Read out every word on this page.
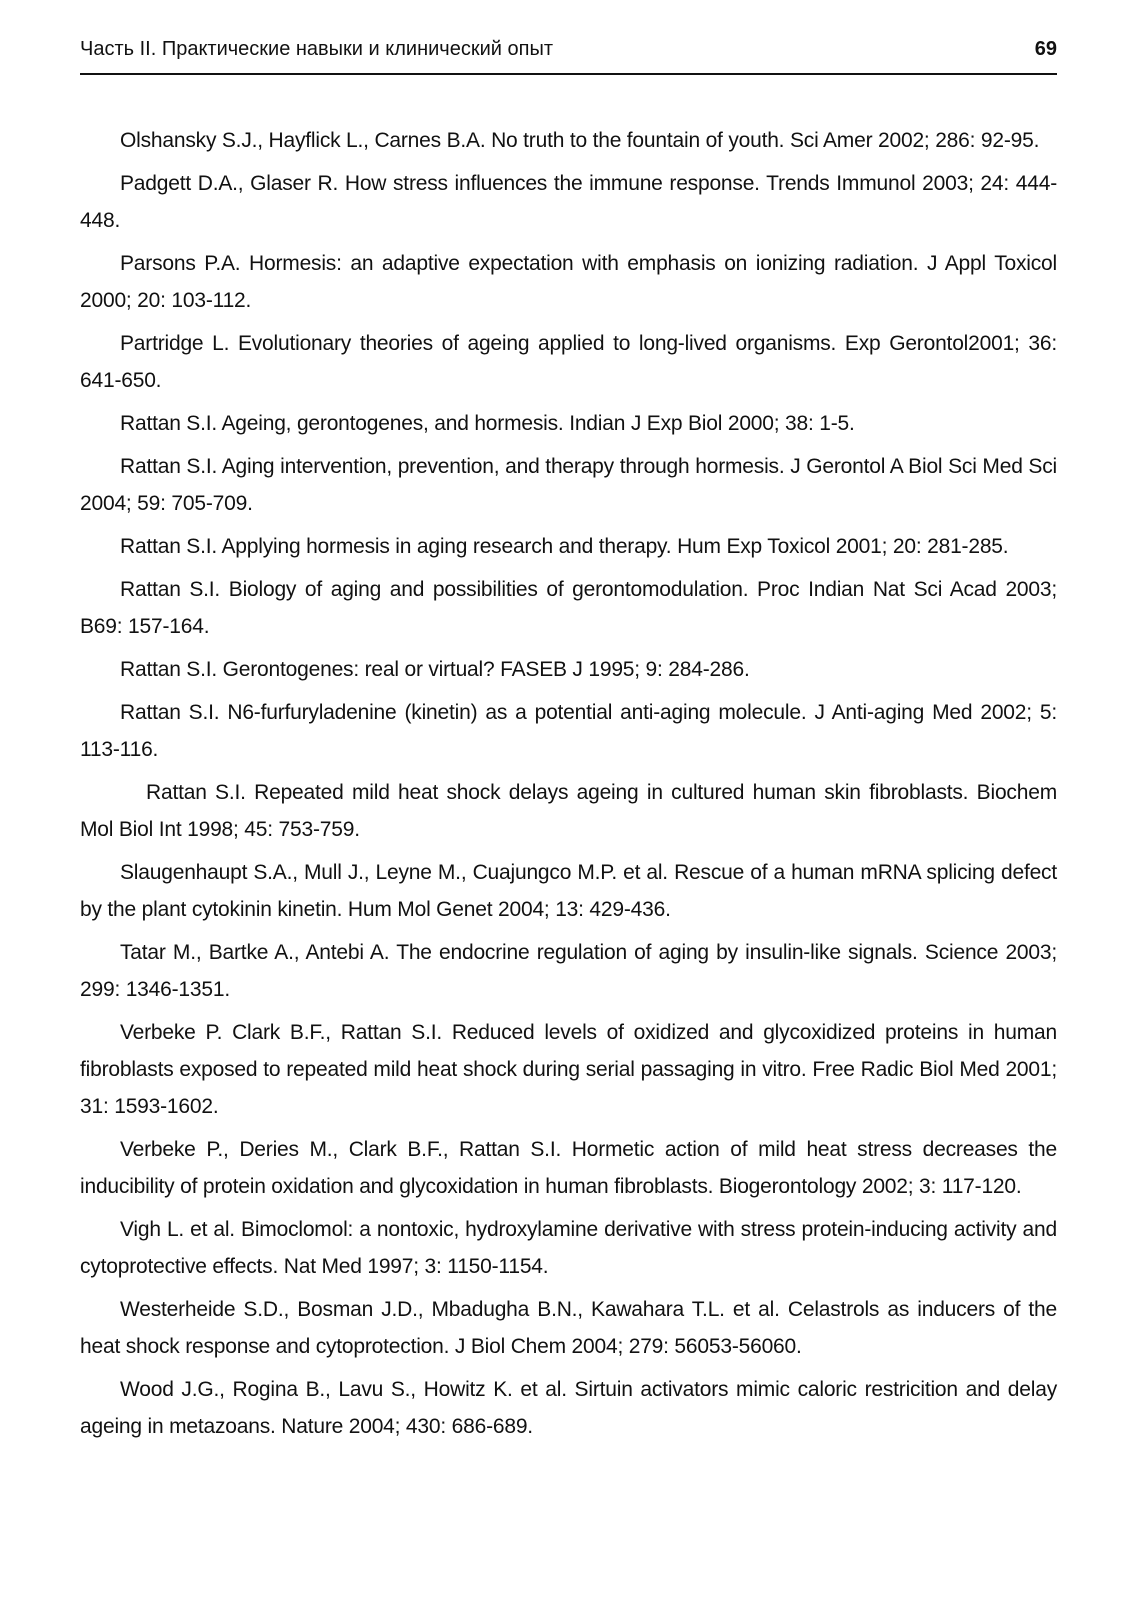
Часть II. Практические навыки и клинический опыт	69

Olshansky S.J., Hayflick L., Carnes B.A. No truth to the fountain of youth. Sci Amer 2002; 286: 92-95.

Padgett D.A., Glaser R. How stress influences the immune response. Trends Immunol 2003; 24: 444-448.

Parsons P.A. Hormesis: an adaptive expectation with emphasis on ionizing radiation. J Appl Toxicol 2000; 20: 103-112.

Partridge L. Evolutionary theories of ageing applied to long-lived organisms. Exp Gerontol2001; 36: 641-650.

Rattan S.I. Ageing, gerontogenes, and hormesis. Indian J Exp Biol 2000; 38: 1-5.

Rattan S.I. Aging intervention, prevention, and therapy through hormesis. J Gerontol A Biol Sci Med Sci 2004; 59: 705-709.

Rattan S.I. Applying hormesis in aging research and therapy. Hum Exp Toxicol 2001; 20: 281-285.

Rattan S.I. Biology of aging and possibilities of gerontomodulation. Proc Indian Nat Sci Acad 2003; B69: 157-164.

Rattan S.I. Gerontogenes: real or virtual? FASEB J 1995; 9: 284-286.

Rattan S.I. N6-furfuryladenine (kinetin) as a potential anti-aging molecule. J Anti-aging Med 2002; 5: 113-116.

Rattan S.I. Repeated mild heat shock delays ageing in cultured human skin fibroblasts. Biochem Mol Biol Int 1998; 45: 753-759.

Slaugenhaupt S.A., Mull J., Leyne M., Cuajungco M.P. et al. Rescue of a human mRNA splicing defect by the plant cytokinin kinetin. Hum Mol Genet 2004; 13: 429-436.

Tatar M., Bartke A., Antebi A. The endocrine regulation of aging by insulin-like signals. Science 2003; 299: 1346-1351.

Verbeke P. Clark B.F., Rattan S.I. Reduced levels of oxidized and glycoxidized proteins in human fibroblasts exposed to repeated mild heat shock during serial passaging in vitro. Free Radic Biol Med 2001; 31: 1593-1602.

Verbeke P., Deries M., Clark B.F., Rattan S.I. Hormetic action of mild heat stress decreases the inducibility of protein oxidation and glycoxidation in human fibroblasts. Biogerontology 2002; 3: 117-120.

Vigh L. et al. Bimoclomol: a nontoxic, hydroxylamine derivative with stress protein-inducing activity and cytoprotective effects. Nat Med 1997; 3: 1150-1154.

Westerheide S.D., Bosman J.D., Mbadugha B.N., Kawahara T.L. et al. Celastrols as inducers of the heat shock response and cytoprotection. J Biol Chem 2004; 279: 56053-56060.

Wood J.G., Rogina B., Lavu S., Howitz K. et al. Sirtuin activators mimic caloric restricition and delay ageing in metazoans. Nature 2004; 430: 686-689.
